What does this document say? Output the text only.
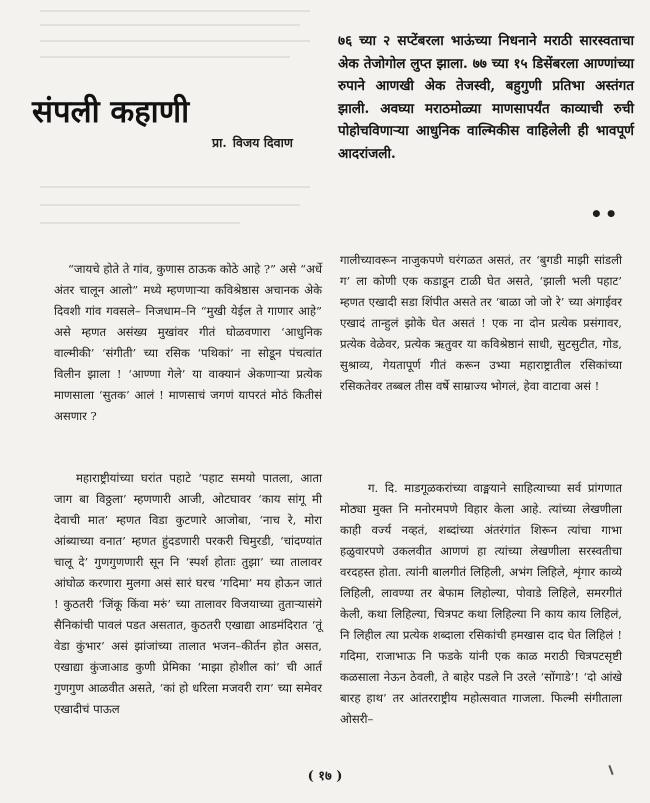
७६ च्या २ सप्टेंबरला भाऊंच्या निधनाने मराठी सारस्वताचा अेक तेजोगोल लुप्त झाला. ७७ च्या १५ डिसेंबरला आण्णांच्या रुपाने आणखी अेक तेजस्वी, बहुगुणी प्रतिभा अस्तंगत झाली. अवघ्या मराठमोळ्या माणसापर्यंत काव्याची रुची पोहोचविणाऱ्या आधुनिक वाल्मिकीस वाहिलेली ही भावपूर्ण आदरांजली.

••
संपली कहाणी
प्रा. विजय दिवाण

“जायचे होते ते गांव, कुणास ठाऊक कोठे आहे ?” असे “अर्धे अंतर चालून आलो” मध्ये म्हणणाऱ्या कविश्रेष्ठास अचानक अेके दिवशी गांव गवसले– निजधाम–नि “मुखी येईल ते गाणार आहे” असे म्हणत असंख्य मुखांवर गीतं घोळवणारा ‘आधुनिक वाल्मीकी’ ‘संगीती’ च्या रसिक ‘पथिकां’ ना सोडून पंचत्वांत विलीन झाला ! ‘आण्णा गेले’ या वाक्यानं अेकणाऱ्या प्रत्येक माणसाला ‘सुतक’ आलं ! माणसाचं जगणं यापरतं मोठं कितीसं असणार ?

महाराष्ट्रीयांच्या घरांत पहाटे ‘पहाट समयो पातला, आता जाग बा विठ्ठला’ म्हणणारी आजी, ओटघावर ‘काय सांगू मी देवाची मात’ म्हणत विडा कुटणारे आजोबा, ‘नाच रे, मोरा आंब्याच्या वनात’ म्हणत हुंदडणारी परकरी चिमुरडी, ‘चांदण्यांत चालू दे’ गुणगुणणारी सून नि ‘स्पर्श होताः तुझा’ च्या तालावर आंघोळ करणारा मुलगा असं सारं घरच ‘गदिमा’ मय होऊन जातं ! कुठतरी ‘जिंकू किंवा मरुं’ च्या तालावर विजयाच्या तुताऱ्यासंगे सैनिकांची पावलं पडत असतात, कुठतरी एखाद्या आडमंदिरात ‘तूं वेडा कुंभार’ असं झांजांच्या तालात भजन–कीर्तन होत असत, एखाद्या कुंजाआड कुणी प्रेमिका ‘माझा होशील कां’ ची आर्त गुणगुण आळवीत असते, ‘कां हो धरिला मजवरी राग’ च्या समेवर एखादीचं पाऊल

गालीच्यावरून नाजुकपणे घरंगळत असतं, तर ‘बुगडी माझी सांडली ग’ ला कोणी एक कडाडून टाळी घेत असते, ‘झाली भली पहाट’ म्हणत एखादी सडा शिंपीत असते तर ‘बाळा जो जो रे’ च्या अंगाईवर एखादं तान्हुलं झोके घेत असतं ! एक ना दोन प्रत्येक प्रसंगावर, प्रत्येक वेळेवर, प्रत्येक ऋतुवर या कविश्रेष्ठानं साधी, सुटसुटीत, गोड, सुश्राव्य, गेयतापूर्ण गीतं करून उभ्या महाराष्ट्रातील रसिकांच्या रसिकतेवर तब्बल तीस वर्षे साम्राज्य भोगलं, हेवा वाटावा असं !

ग. दि. माडगूळकरांच्या वाङ्मयाने साहित्याच्या सर्व प्रांगणात मोठ्या मुक्त नि मनोरमपणे विहार केला आहे. त्यांच्या लेखणीला काही वर्ज्य नव्हतं, शब्दांच्या अंतरंगांत शिरून त्यांचा गाभा हळुवारपणे उकलवीत आणणं हा त्यांच्या लेखणीला सरस्वतीचा वरदहस्त होता. त्यांनी बालगीतं लिहिली, अभंग लिहिले, शृंगार काव्ये लिहिली, लावण्या तर बेफाम लिहोल्या, पोवाडे लिहिले, समरगीतं केली, कथा लिहिल्या, चित्रपट कथा लिहिल्या नि काय काय लिहिलं, नि लिहील त्या प्रत्येक शब्दाला रसिकांची हमखास दाद घेत लिहिलं ! गदिमा, राजाभाऊ नि फडके यांनी एक काळ मराठी चित्रपटसृष्टी कळसाला नेऊन ठेवली, ते बाहेर पडले नि उरले ‘सोंगाडे’! ‘दो आंखे बारह हाथ’ तर आंतरराष्ट्रीय महोत्सवात गाजला. फिल्मी संगीताला ओसरी–

( १७ )
